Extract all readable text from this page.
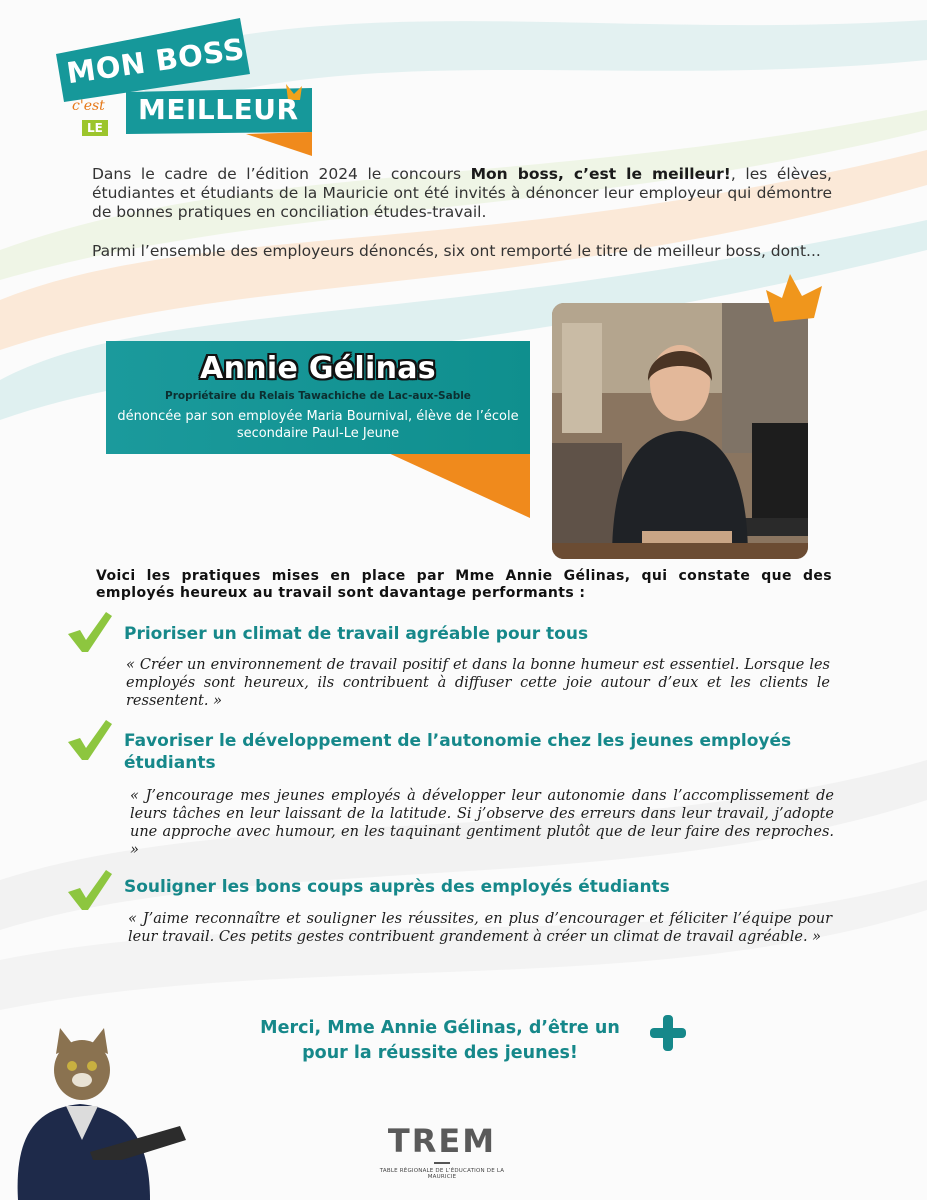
MON BOSS
c'est
LE
MEILLEUR
Dans le cadre de l’édition 2024 le concours Mon boss, c’est le meilleur!, les élèves, étudiantes et étudiants de la Mauricie ont été invités à dénoncer leur employeur qui démontre de bonnes pratiques en conciliation études-travail.
Parmi l’ensemble des employeurs dénoncés, six ont remporté le titre de meilleur boss, dont...
Annie Gélinas
Propriétaire du Relais Tawachiche de Lac-aux-Sable
dénoncée par son employée Maria Bournival, élève de l’école secondaire Paul-Le Jeune
Voici les pratiques mises en place par Mme Annie Gélinas, qui constate que des employés heureux au travail sont davantage performants :
Prioriser un climat de travail agréable pour tous
« Créer un environnement de travail positif et dans la bonne humeur est essentiel. Lorsque les employés sont heureux, ils contribuent à diffuser cette joie autour d’eux et les clients le ressentent. »
Favoriser le développement de l’autonomie chez les jeunes employés étudiants
« J’encourage mes jeunes employés à développer leur autonomie dans l’accomplissement de leurs tâches en leur laissant de la latitude. Si j’observe des erreurs dans leur travail, j’adopte une approche avec humour, en les taquinant gentiment plutôt que de leur faire des reproches. »
Souligner les bons coups auprès des employés étudiants
« J’aime reconnaître et souligner les réussites, en plus d’encourager et féliciter l’équipe pour leur travail. Ces petits gestes contribuent grandement à créer un climat de travail agréable. »
Merci, Mme Annie Gélinas, d’être un
pour la réussite des jeunes!
TREM
TABLE RÉGIONALE DE L’ÉDUCATION DE LA MAURICIE
